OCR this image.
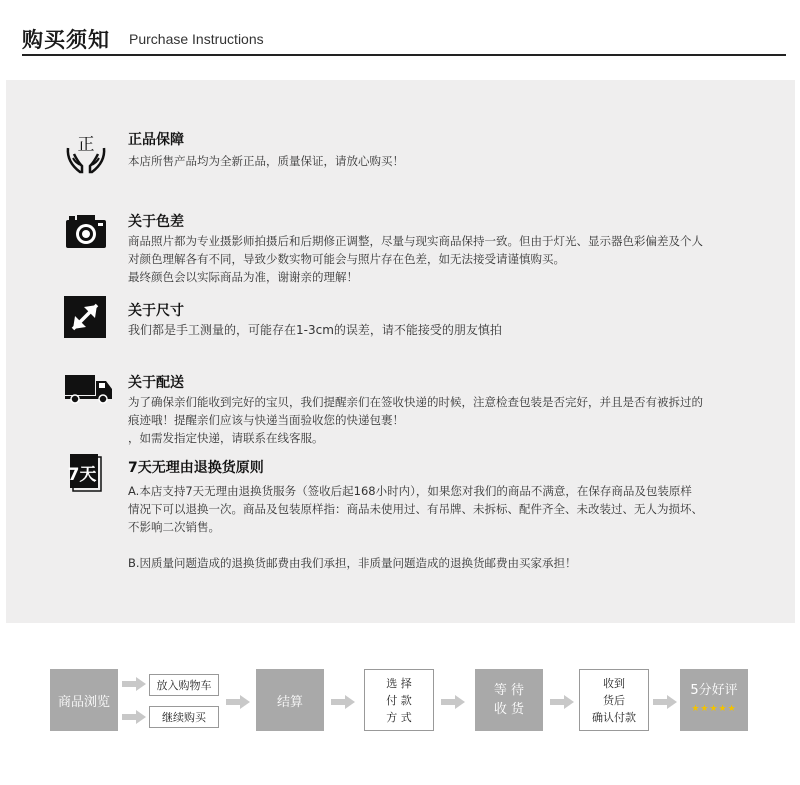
购买须知 Purchase Instructions
正 正品保障
本店所售产品均为全新正品，质量保证，请放心购买！
关于色差
商品照片都为专业摄影师拍摄后和后期修正调整，尽量与现实商品保持一致。但由于灯光、显示器色彩偏差及个人
对颜色理解各有不同，导致少数实物可能会与照片存在色差，如无法接受请谨慎购买。
最终颜色会以实际商品为准，谢谢亲的理解！
关于尺寸
我们都是手工测量的，可能存在1-3cm的误差，请不能接受的朋友慎拍
关于配送
为了确保亲们能收到完好的宝贝，我们提醒亲们在签收快递的时候，注意检查包装是否完好，并且是否有被拆过的
痕迹哦！提醒亲们应该与快递当面验收您的快递包裹！
，如需发指定快递，请联系在线客服。
7天 7天无理由退换货原则
A.本店支持7天无理由退换货服务（签收后起168小时内），如果您对我们的商品不满意，在保存商品及包装原样
情况下可以退换一次。商品及包装原样指：商品未使用过、有吊牌、未拆标、配件齐全、未改装过、无人为损坏、
不影响二次销售。
B.因质量问题造成的退换货邮费由我们承担，非质量问题造成的退换货邮费由买家承担！
商品浏览
放入购物车
继续购买
结算
选 择
付 款
方 式
等 待
收 货
收到
货后
确认付款
5分好评
★★★★★
